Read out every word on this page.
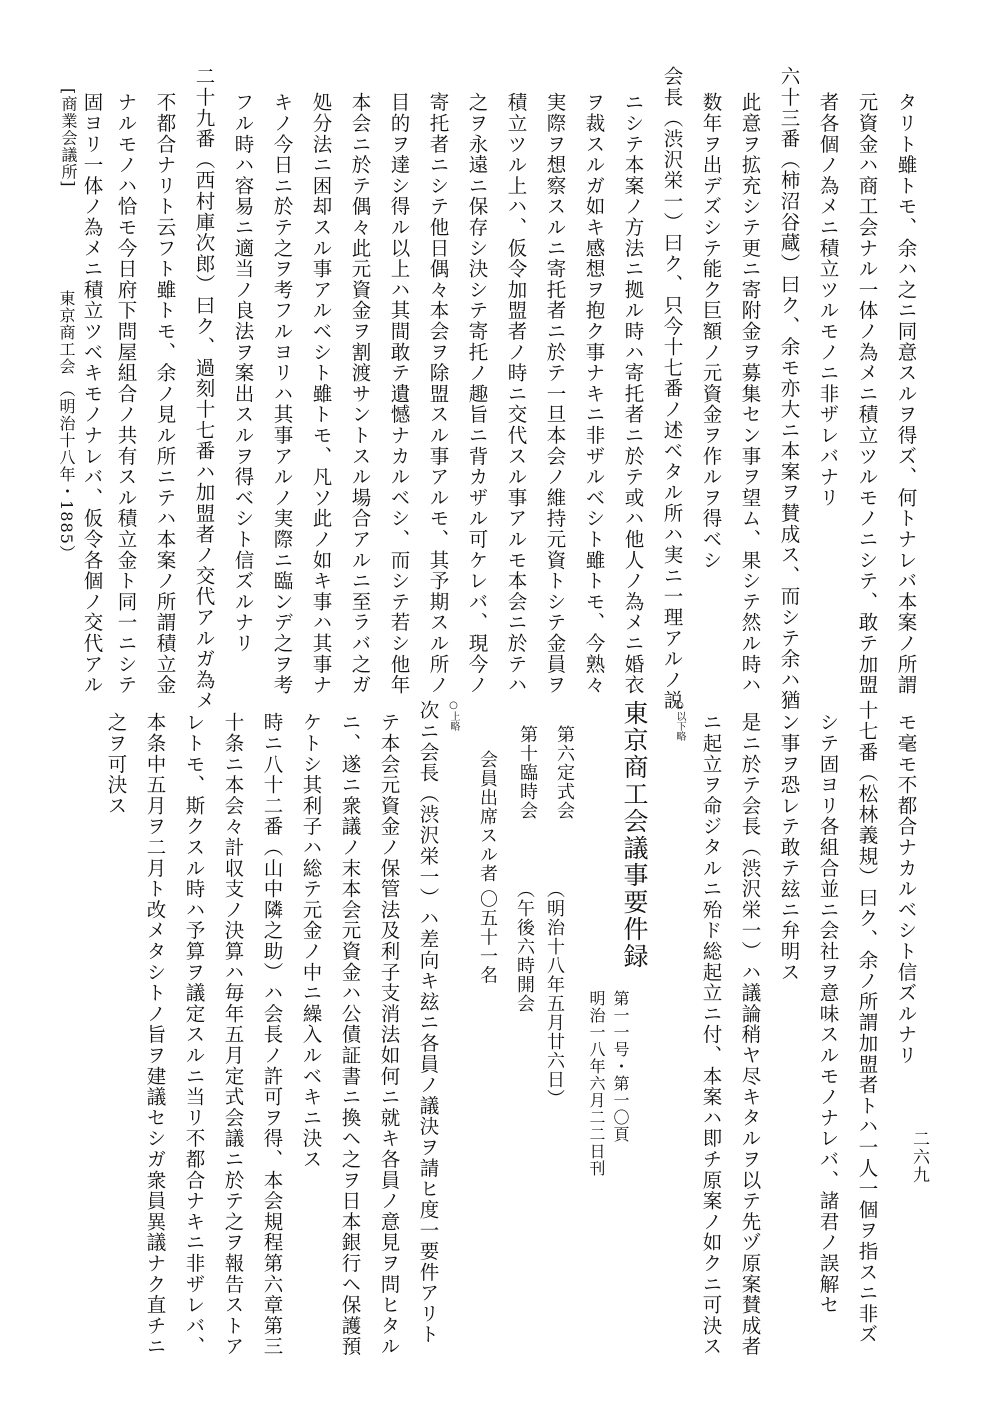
[商業会議所]
東京商工会 （明治十八年・1885）	タリト雖トモ、余ハ之ニ同意スルヲ得ズ、何トナレバ本案ノ所謂
元資金ハ商工会ナル一体ノ為メニ積立ツルモノニシテ、敢テ加盟
者各個ノ為メニ積立ツルモノニ非ザレバナリ
六十三番（柿沼谷蔵）曰ク、余モ亦大ニ本案ヲ賛成ス、而シテ余ハ猶
此意ヲ拡充シテ更ニ寄附金ヲ募集セン事ヲ望ム、果シテ然ル時ハ
数年ヲ出デズシテ能ク巨額ノ元資金ヲ作ルヲ得ベシ
会長（渋沢栄一）曰ク、只今十七番ノ述ベタル所ハ実ニ一理アルノ説
ニシテ本案ノ方法ニ拠ル時ハ寄托者ニ於テ或ハ他人ノ為メニ婚衣
ヲ裁スルガ如キ感想ヲ抱ク事ナキニ非ザルベシト雖トモ、今熟々
実際ヲ想察スルニ寄托者ニ於テ一旦本会ノ維持元資トシテ金員ヲ
積立ツル上ハ、仮令加盟者ノ時ニ交代スル事アルモ本会ニ於テハ
之ヲ永遠ニ保存シ決シテ寄托ノ趣旨ニ背カザル可ケレバ、現今ノ
寄托者ニシテ他日偶々本会ヲ除盟スル事アルモ、其予期スル所ノ
目的ヲ達シ得ル以上ハ其間敢テ遺憾ナカルベシ、而シテ若シ他年
本会ニ於テ偶々此元資金ヲ割渡サントスル場合アルニ至ラバ之ガ
処分法ニ困却スル事アルベシト雖トモ、凡ソ此ノ如キ事ハ其事ナ
キノ今日ニ於テ之ヲ考フルヨリハ其事アルノ実際ニ臨ンデ之ヲ考
フル時ハ容易ニ適当ノ良法ヲ案出スルヲ得ベシト信ズルナリ
二十九番（西村庫次郎）曰ク、過刻十七番ハ加盟者ノ交代アルガ為メ
不都合ナリト云フト雖トモ、余ノ見ル所ニテハ本案ノ所謂積立金
ナルモノハ恰モ今日府下問屋組合ノ共有スル積立金ト同一ニシテ
固ヨリ一体ノ為メニ積立ツベキモノナレバ、仮令各個ノ交代アル
モ毫モ不都合ナカルベシト信ズルナリ
十七番（松林義規）曰ク、余ノ所謂加盟者トハ一人一個ヲ指スニ非ズ
シテ固ヨリ各組合並ニ会社ヲ意味スルモノナレバ、諸君ノ誤解セ
ン事ヲ恐レテ敢テ玆ニ弁明ス
是ニ於テ会長（渋沢栄一）ハ議論稍ヤ尽キタルヲ以テ先ヅ原案賛成者
ニ起立ヲ命ジタルニ殆ド総起立ニ付、本案ハ即チ原案ノ如クニ可決ス
○以下略
東京商工会議事要件録
第一一号・第一〇頁
明治一八年六月二二日刊
第六定式会
第十臨時会
（明治十八年五月廿六日）
（午後六時開会
会員出席スル者 〇五十一名
○上略
次ニ会長（渋沢栄一）ハ差向キ玆ニ各員ノ議決ヲ請ヒ度一要件アリト
テ本会元資金ノ保管法及利子支消法如何ニ就キ各員ノ意見ヲ問ヒタル
ニ、遂ニ衆議ノ末本会元資金ハ公債証書ニ換ヘ之ヲ日本銀行ヘ保護預
ケトシ其利子ハ総テ元金ノ中ニ繰入ルベキニ決ス
時ニ八十二番（山中隣之助）ハ会長ノ許可ヲ得、本会規程第六章第三
十条ニ本会々計収支ノ決算ハ毎年五月定式会議ニ於テ之ヲ報告ストア
レトモ、斯クスル時ハ予算ヲ議定スルニ当リ不都合ナキニ非ザレバ、
本条中五月ヲ二月ト改メタシトノ旨ヲ建議セシガ衆員異議ナク直チニ
之ヲ可決ス
二六九
